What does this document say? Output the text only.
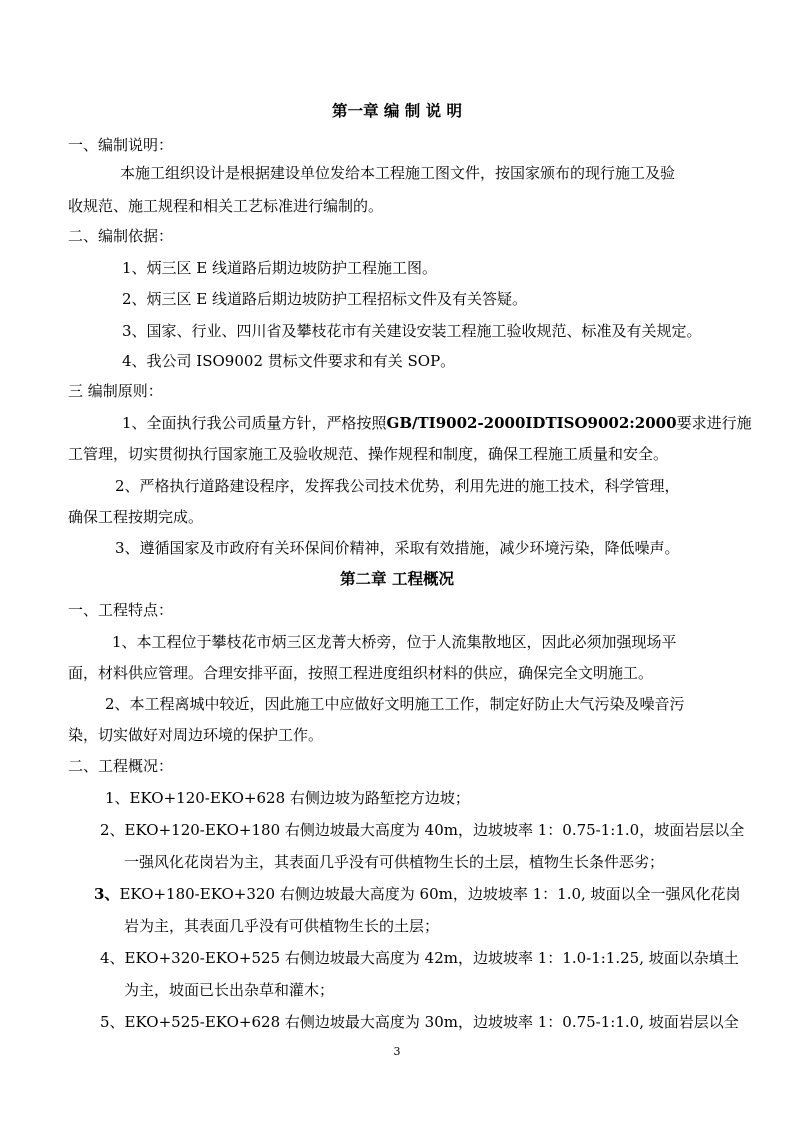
第一章 编 制 说 明
一、编制说明：
本施工组织设计是根据建设单位发给本工程施工图文件，按国家颁布的现行施工及验
收规范、施工规程和相关工艺标准进行编制的。
二、编制依据：
1、炳三区 E 线道路后期边坡防护工程施工图。
2、炳三区 E 线道路后期边坡防护工程招标文件及有关答疑。
3、国家、行业、四川省及攀枝花市有关建设安装工程施工验收规范、标准及有关规定。
4、我公司 ISO9002 贯标文件要求和有关 SOP。
三 编制原则：
1、全面执行我公司质量方针，严格按照GB/TI9002-2000IDTISO9002:2000要求进行施
工管理，切实贯彻执行国家施工及验收规范、操作规程和制度，确保工程施工质量和安全。
2、严格执行道路建设程序，发挥我公司技术优势，利用先进的施工技术，科学管理，
确保工程按期完成。
3、遵循国家及市政府有关环保间价精神，采取有效措施，减少环境污染，降低噪声。
第二章 工程概况
一、工程特点：
1、本工程位于攀枝花市炳三区龙菁大桥旁，位于人流集散地区，因此必须加强现场平
面，材料供应管理。合理安排平面，按照工程进度组织材料的供应，确保完全文明施工。
2、本工程离城中较近，因此施工中应做好文明施工工作，制定好防止大气污染及噪音污
染，切实做好对周边环境的保护工作。
二、工程概况：
1、EKO+120-EKO+628 右侧边坡为路堑挖方边坡；
2、EKO+120-EKO+180 右侧边坡最大高度为 40m，边坡坡率 1：0.75-1:1.0，坡面岩层以全
一强风化花岗岩为主，其表面几乎没有可供植物生长的土层，植物生长条件恶劣；
3、EKO+180-EKO+320 右侧边坡最大高度为 60m，边坡坡率 1：1.0, 坡面以全一强风化花岗
岩为主，其表面几乎没有可供植物生长的土层；
4、EKO+320-EKO+525 右侧边坡最大高度为 42m，边坡坡率 1：1.0-1:1.25, 坡面以杂填土
为主，坡面已长出杂草和灌木；
5、EKO+525-EKO+628 右侧边坡最大高度为 30m，边坡坡率 1：0.75-1:1.0, 坡面岩层以全
3
